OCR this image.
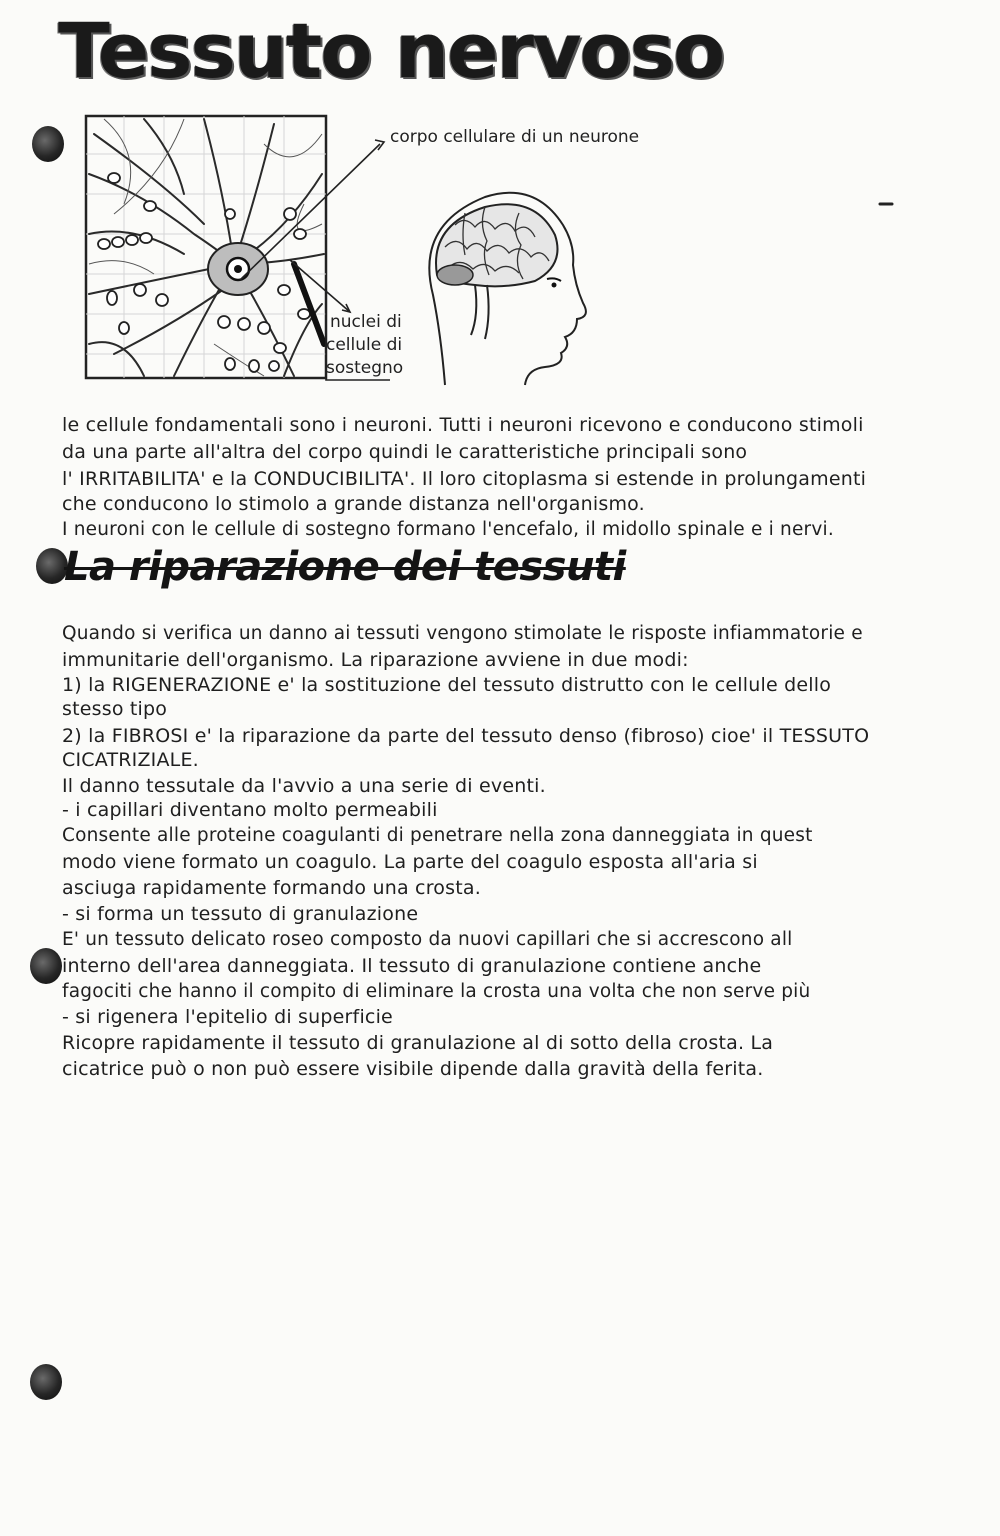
Tessuto nervoso
corpo cellulare di un neurone
nuclei di
cellule di
sostegno
le cellule fondamentali sono i neuroni. Tutti i neuroni ricevono e conducono stimoli
da una parte all'altra del corpo quindi le caratteristiche principali sono
l' IRRITABILITA' e la CONDUCIBILITA'. Il loro citoplasma si estende in prolungamenti
che conducono lo stimolo a grande distanza nell'organismo.
I neuroni con le cellule di sostegno formano l'encefalo, il midollo spinale e i nervi.
La riparazione dei tessuti
Quando si verifica un danno ai tessuti vengono stimolate le risposte infiammatorie e
immunitarie dell'organismo. La riparazione avviene in due modi:
1) la RIGENERAZIONE e' la sostituzione del tessuto distrutto con le cellule dello
stesso tipo
2) la FIBROSI e' la riparazione da parte del tessuto denso (fibroso) cioe' il TESSUTO
CICATRIZIALE.
Il danno tessutale da l'avvio a una serie di eventi.
- i capillari diventano molto permeabili
Consente alle proteine coagulanti di penetrare nella zona danneggiata in quest
modo viene formato un coagulo. La parte del coagulo esposta all'aria si
asciuga rapidamente formando una crosta.
- si forma un tessuto di granulazione
E' un tessuto delicato roseo composto da nuovi capillari che si accrescono all
interno dell'area danneggiata. Il tessuto di granulazione contiene anche
fagociti che hanno il compito di eliminare la crosta una volta che non serve più
- si rigenera l'epitelio di superficie
Ricopre rapidamente il tessuto di granulazione al di sotto della crosta. La
cicatrice può o non può essere visibile dipende dalla gravità della ferita.
